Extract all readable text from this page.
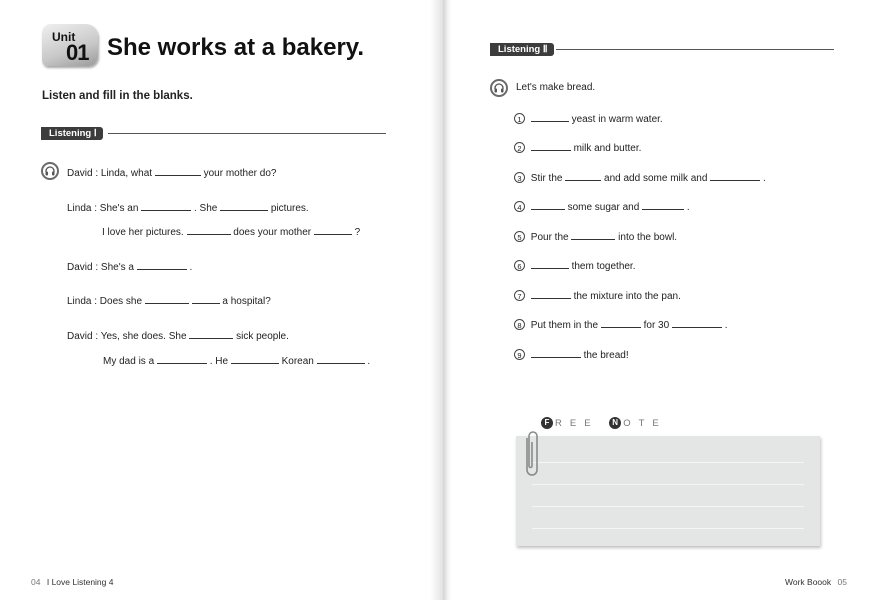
Unit
01 She works at a bakery.
Listen and fill in the blanks.
Listening Ⅰ
David : Linda, what	your mother do?
Linda : She's an	. She	pictures.
I love her pictures.	does your mother	?
David : She's a	.
Linda : Does she	a hospital?
David : Yes, she does. She	sick people.
My dad is a	. He	Korean	.
Listening Ⅱ
Let's make bread.
1	yeast in warm water.
2	milk and butter.
3 Stir the	and add some milk and	.
4	some sugar and	.
5 Pour the	into the bowl.
6	them together.
7	the mixture into the pan.
8 Put them in the	for 30	.
9	the bread!
F REE N OTE
04 I Love Listening 4	Work Boook 05
